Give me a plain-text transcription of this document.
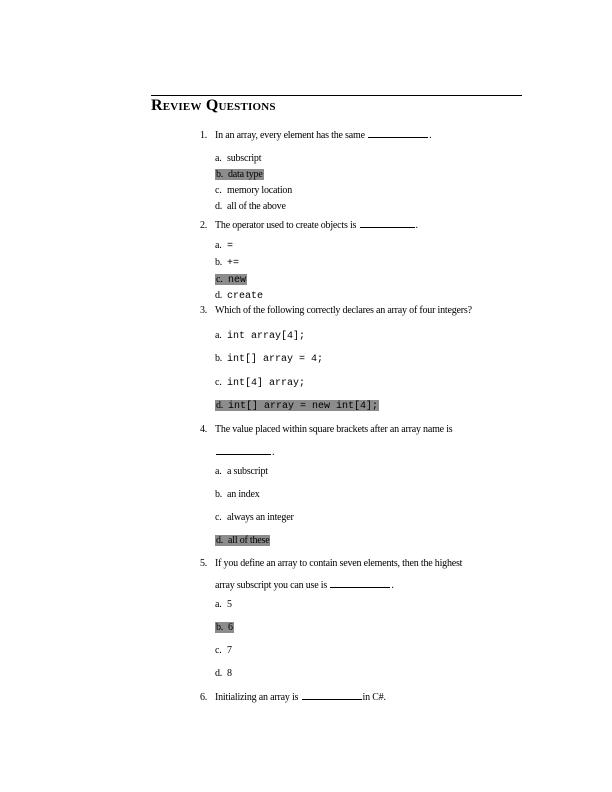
Review Questions
1. In an array, every element has the same	.
a. subscript
b. data type
c. memory location
d. all of the above
2. The operator used to create objects is	.
a. =
b. +=
c. new
d. create
3. Which of the following correctly declares an array of four integers?
a. int array[4];
b. int[] array = 4;
c. int[4] array;
d. int[] array = new int[4];
4. The value placed within square brackets after an array name is
.
a. a subscript
b. an index
c. always an integer
d. all of these
5. If you define an array to contain seven elements, then the highest
array subscript you can use is	.
a. 5
b. 6
c. 7
d. 8
6. Initializing an array is	in C#.
